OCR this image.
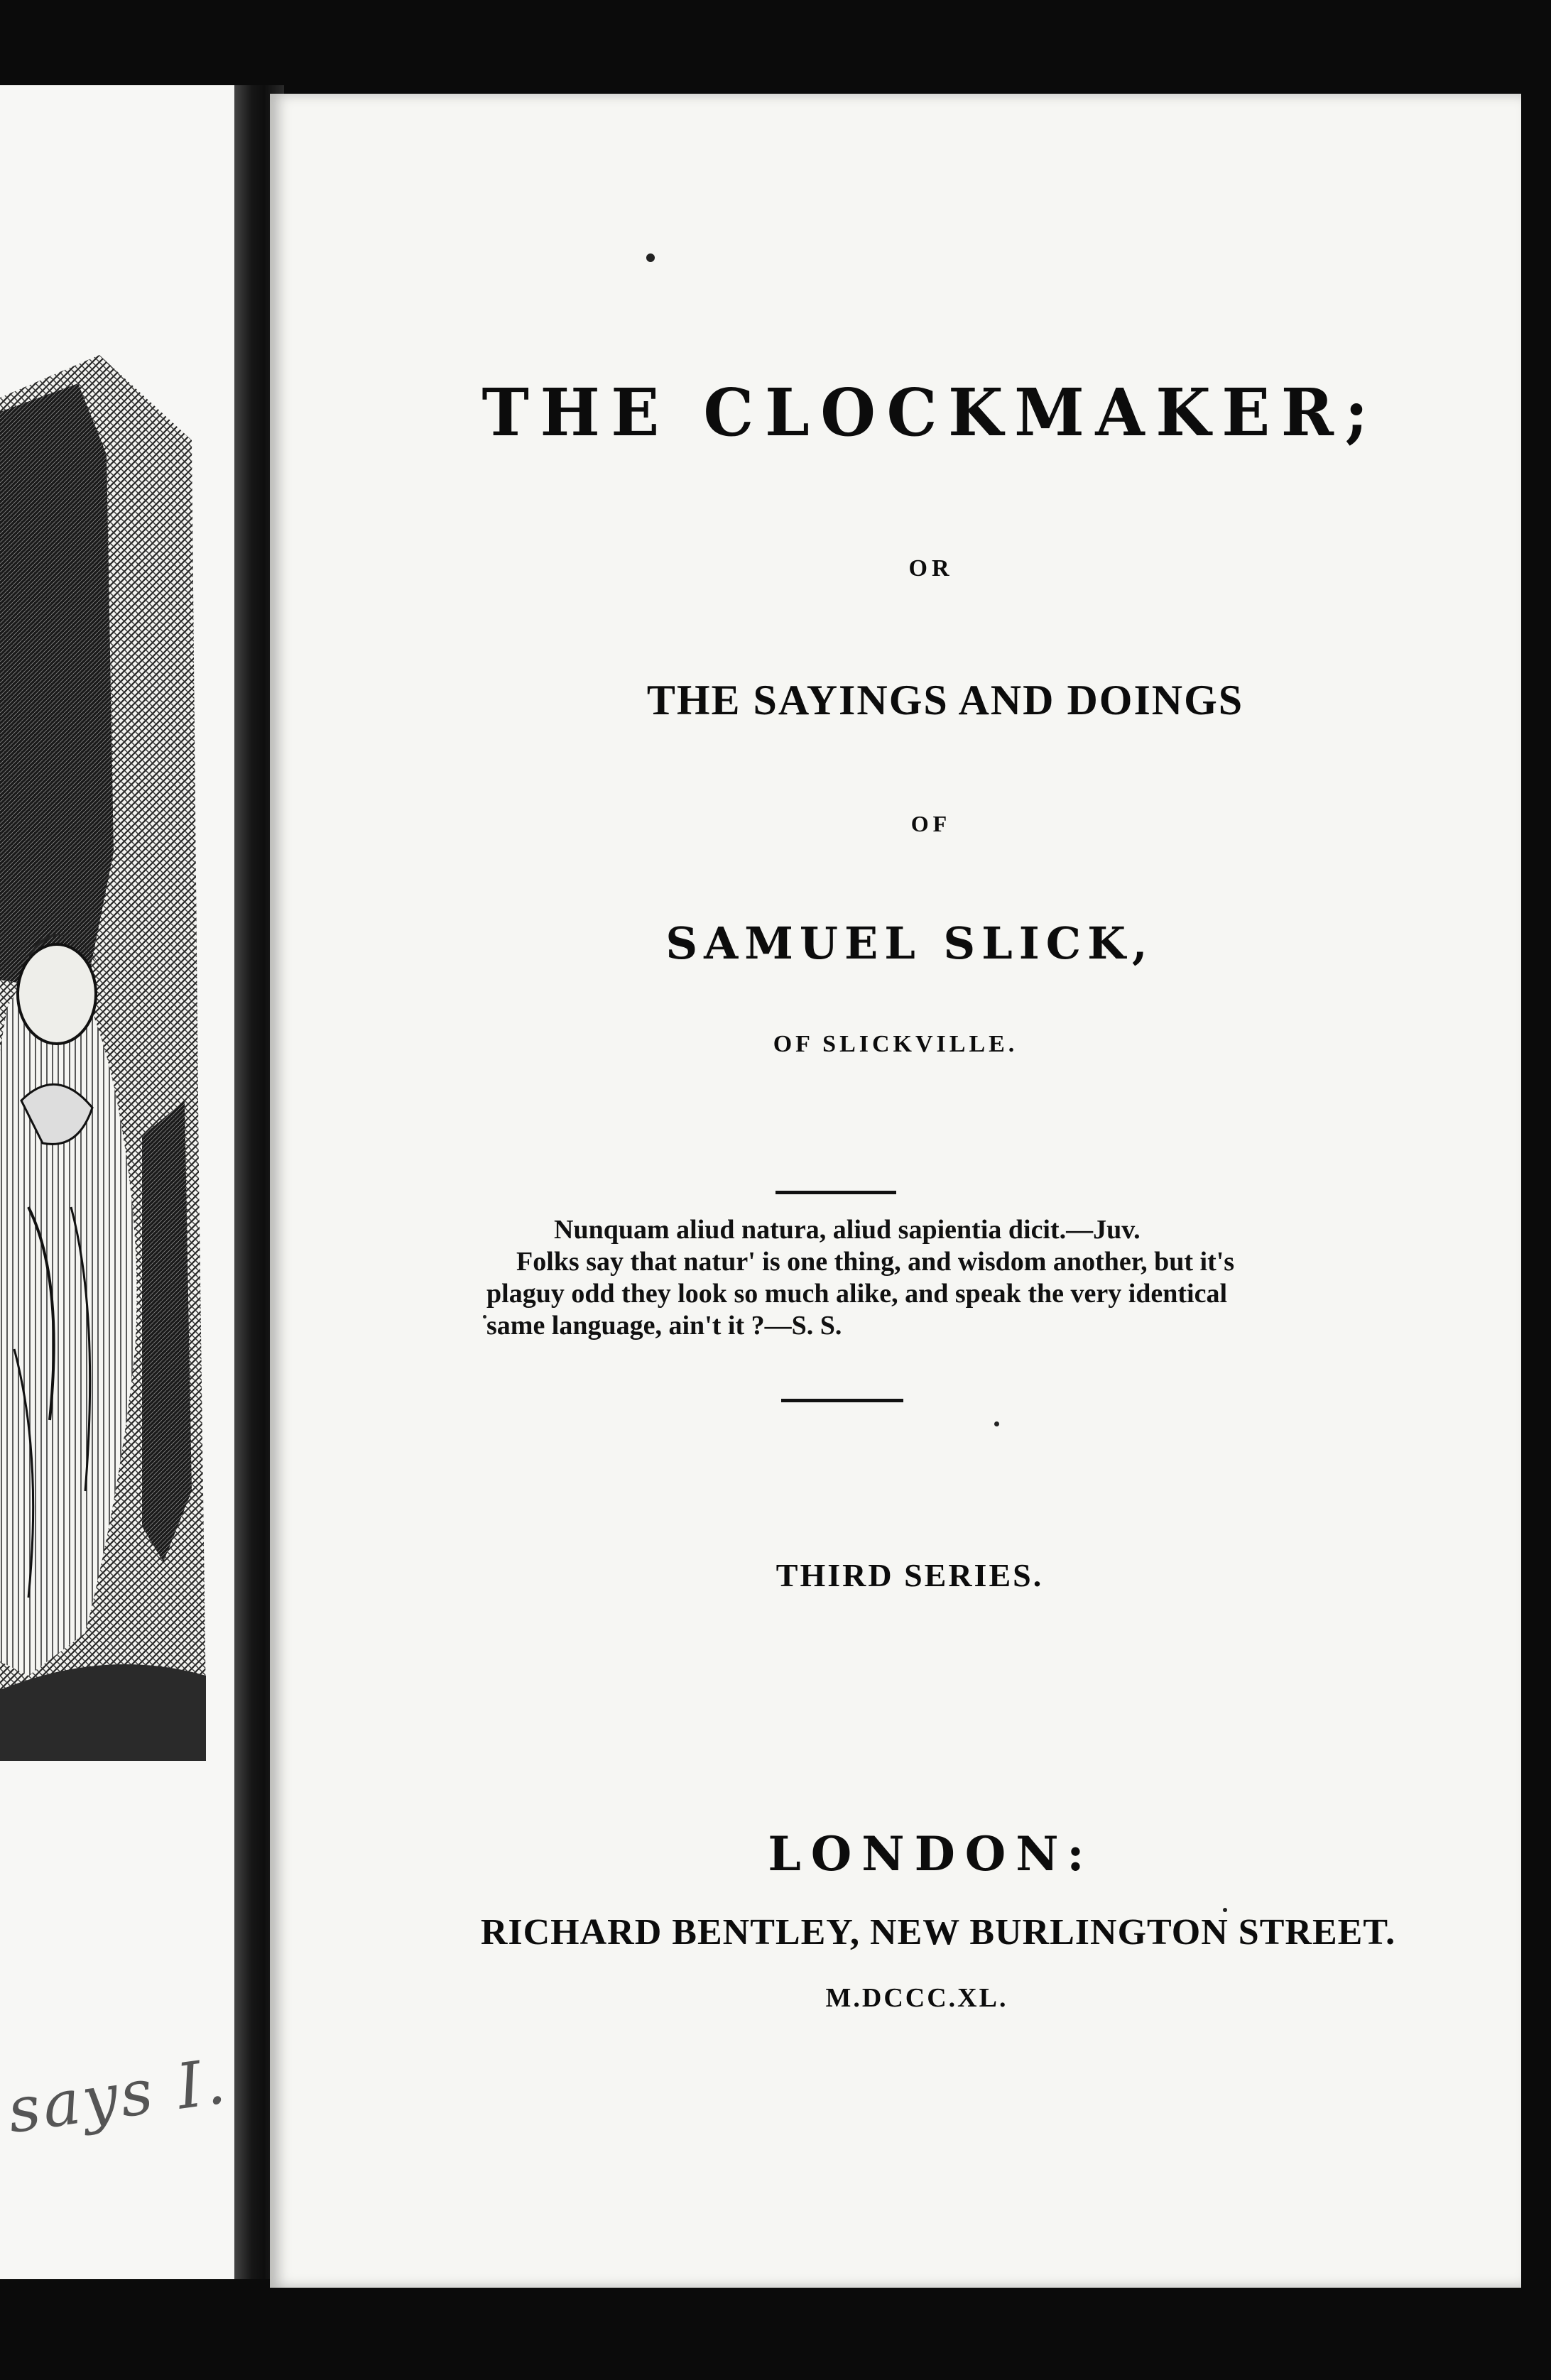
says I.

THE CLOCKMAKER;

OR

THE SAYINGS AND DOINGS

OF

SAMUEL SLICK,

OF SLICKVILLE.

Nunquam aliud natura, aliud sapientia dicit.—Juv.
Folks say that natur' is one thing, and wisdom another, but it's
plaguy odd they look so much alike, and speak the very identical
same language, ain't it ?—S. S.

THIRD SERIES.

LONDON:

RICHARD BENTLEY, NEW BURLINGTON STREET.

M.DCCC.XL.
